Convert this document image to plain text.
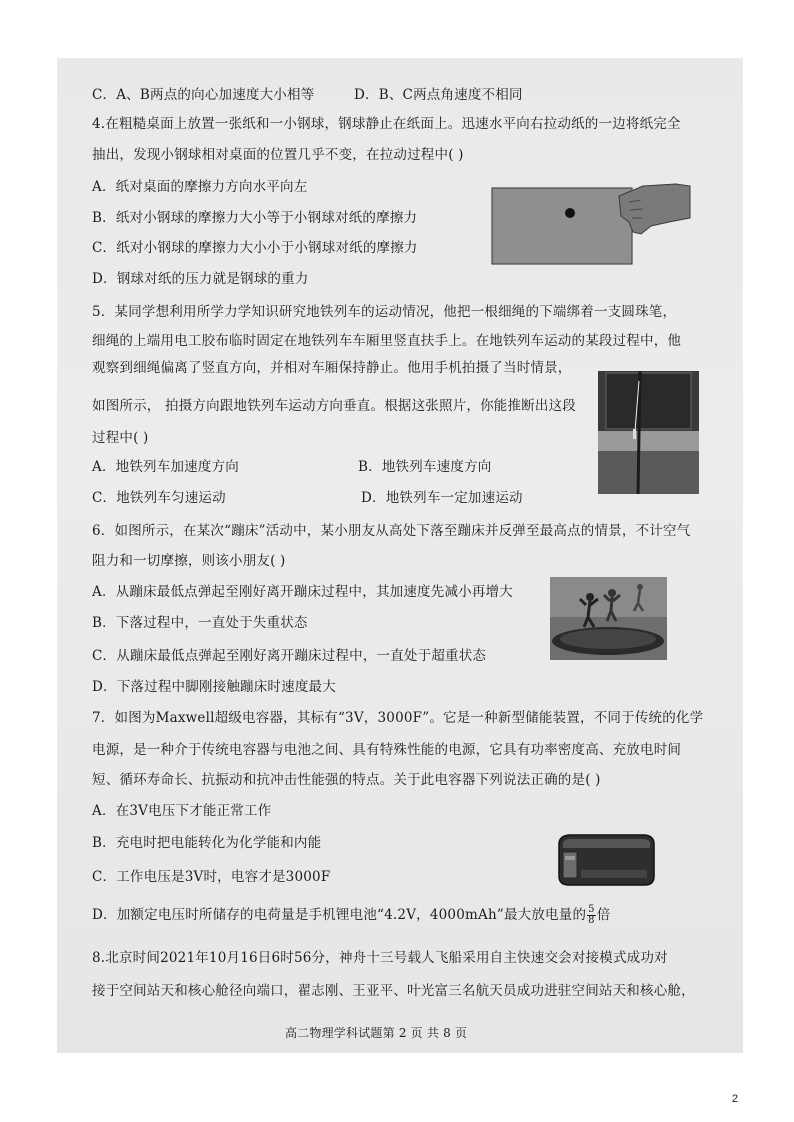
C．A、B两点的向心加速度大小相等	D．B、C两点角速度不相同
4.在粗糙桌面上放置一张纸和一小钢球，钢球静止在纸面上。迅速水平向右拉动纸的一边将纸完全
抽出，发现小钢球相对桌面的位置几乎不变，在拉动过程中( )
A．纸对桌面的摩擦力方向水平向左
B．纸对小钢球的摩擦力大小等于小钢球对纸的摩擦力
C．纸对小钢球的摩擦力大小小于小钢球对纸的摩擦力
D．钢球对纸的压力就是钢球的重力
5．某同学想利用所学力学知识研究地铁列车的运动情况，他把一根细绳的下端绑着一支圆珠笔，
细绳的上端用电工胶布临时固定在地铁列车车厢里竖直扶手上。在地铁列车运动的某段过程中，他
观察到细绳偏离了竖直方向，并相对车厢保持静止。他用手机拍摄了当时情景，
如图所示， 拍摄方向跟地铁列车运动方向垂直。根据这张照片，你能推断出这段
过程中( )
A．地铁列车加速度方向	B．地铁列车速度方向
C．地铁列车匀速运动	D．地铁列车一定加速运动
6．如图所示，在某次“蹦床”活动中，某小朋友从高处下落至蹦床并反弹至最高点的情景，不计空气
阻力和一切摩擦，则该小朋友( )
A．从蹦床最低点弹起至刚好离开蹦床过程中，其加速度先减小再增大
B．下落过程中，一直处于失重状态
C．从蹦床最低点弹起至刚好离开蹦床过程中，一直处于超重状态
D．下落过程中脚刚接触蹦床时速度最大
7．如图为Maxwell超级电容器，其标有“3V，3000F”。它是一种新型储能装置，不同于传统的化学
电源，是一种介于传统电容器与电池之间、具有特殊性能的电源，它具有功率密度高、充放电时间
短、循环寿命长、抗振动和抗冲击性能强的特点。关于此电容器下列说法正确的是( )
A．在3V电压下才能正常工作
B．充电时把电能转化为化学能和内能
C．工作电压是3V时，电容才是3000F
D．加额定电压时所储存的电荷量是手机锂电池“4.2V，4000mAh”最大放电量的 $\frac{5}{8}$ 倍
8.北京时间2021年10月16日6时56分，神舟十三号载人飞船采用自主快速交会对接模式成功对
接于空间站天和核心舱径向端口，翟志刚、王亚平、叶光富三名航天员成功进驻空间站天和核心舱，
高二物理学科试题第 2 页 共 8 页
2
